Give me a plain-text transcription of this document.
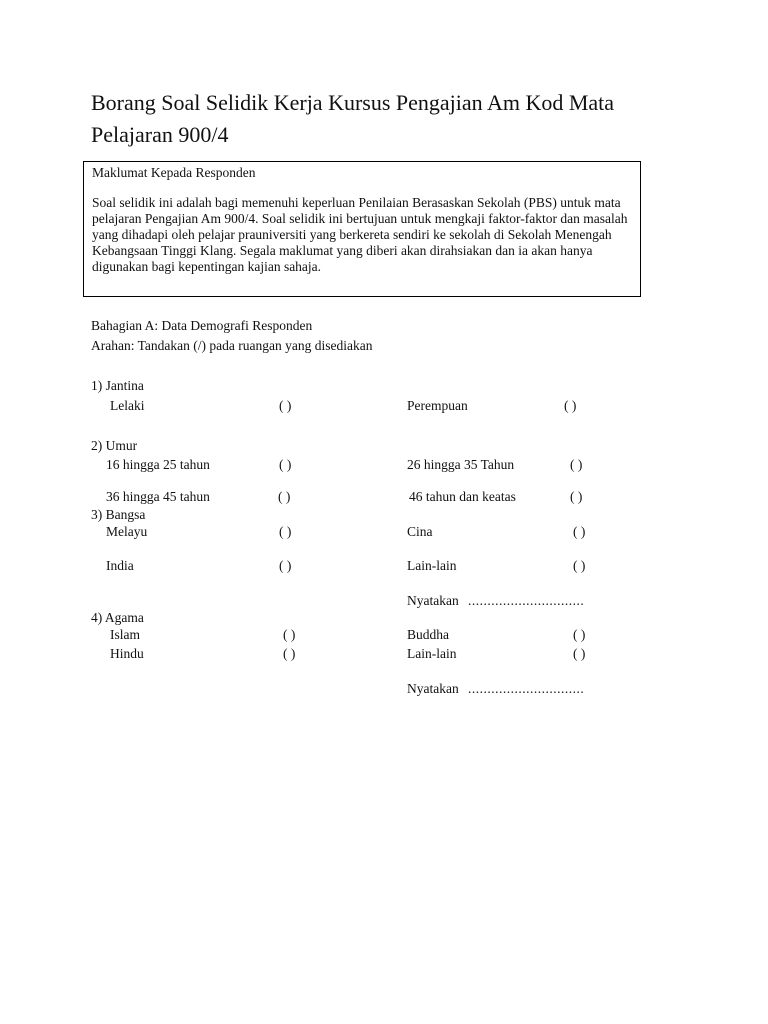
Borang Soal Selidik Kerja Kursus Pengajian Am Kod Mata Pelajaran 900/4
Maklumat Kepada Responden
Soal selidik ini adalah bagi memenuhi keperluan Penilaian Berasaskan Sekolah (PBS) untuk mata pelajaran Pengajian Am 900/4. Soal selidik ini bertujuan untuk mengkaji faktor-faktor dan masalah yang dihadapi oleh pelajar prauniversiti yang berkereta sendiri ke sekolah di Sekolah Menengah Kebangsaan Tinggi Klang. Segala maklumat yang diberi akan dirahsiakan dan ia akan hanya digunakan bagi kepentingan kajian sahaja.
Bahagian A: Data Demografi Responden
Arahan: Tandakan (/) pada ruangan yang disediakan
1) Jantina
Lelaki	( )	Perempuan	( )
2) Umur
16 hingga 25 tahun	( )	26 hingga 35 Tahun	( )
36 hingga 45 tahun	( )	46 tahun dan keatas	( )
3) Bangsa
Melayu	( )	Cina	( )
India	( )	Lain-lain	( )
Nyatakan ..............................
4) Agama
Islam	( )	Buddha	( )
Hindu	( )	Lain-lain	( )
Nyatakan ..............................
